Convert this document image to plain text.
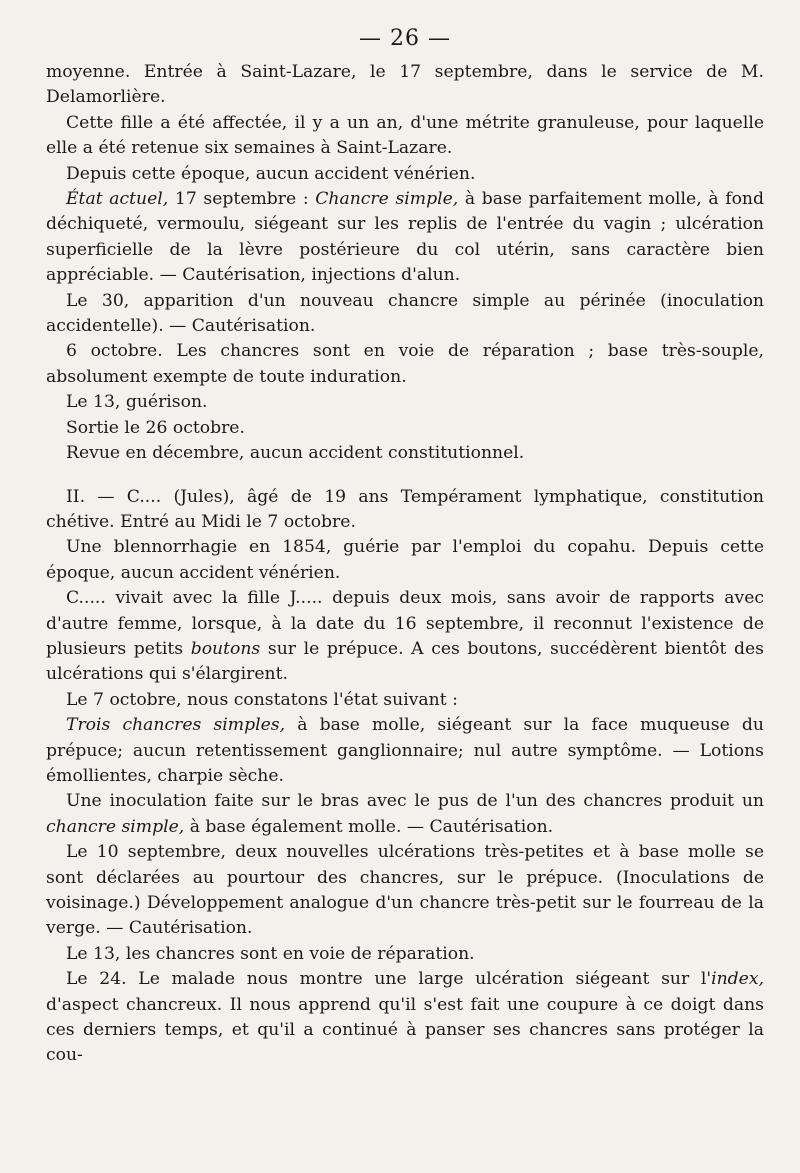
— 26 —

moyenne. Entrée à Saint-Lazare, le 17 septembre, dans le service de M. Delamorlière.

Cette fille a été affectée, il y a un an, d'une métrite granuleuse, pour laquelle elle a été retenue six semaines à Saint-Lazare.

Depuis cette époque, aucun accident vénérien.

État actuel, 17 septembre : Chancre simple, à base parfaitement molle, à fond déchiqueté, vermoulu, siégeant sur les replis de l'entrée du vagin ; ulcération superficielle de la lèvre postérieure du col utérin, sans caractère bien appréciable. — Cautérisation, injections d'alun.

Le 30, apparition d'un nouveau chancre simple au périnée (inoculation accidentelle). — Cautérisation.

6 octobre. Les chancres sont en voie de réparation ; base très-souple, absolument exempte de toute induration.

Le 13, guérison.

Sortie le 26 octobre.

Revue en décembre, aucun accident constitutionnel.

II. — C.... (Jules), âgé de 19 ans Tempérament lymphatique, constitution chétive. Entré au Midi le 7 octobre.

Une blennorrhagie en 1854, guérie par l'emploi du copahu. Depuis cette époque, aucun accident vénérien.

C..... vivait avec la fille J..... depuis deux mois, sans avoir de rapports avec d'autre femme, lorsque, à la date du 16 septembre, il reconnut l'existence de plusieurs petits boutons sur le prépuce. A ces boutons, succédèrent bientôt des ulcérations qui s'élargirent.

Le 7 octobre, nous constatons l'état suivant :

Trois chancres simples, à base molle, siégeant sur la face muqueuse du prépuce; aucun retentissement ganglionnaire; nul autre symptôme. — Lotions émollientes, charpie sèche.

Une inoculation faite sur le bras avec le pus de l'un des chancres produit un chancre simple, à base également molle. — Cautérisation.

Le 10 septembre, deux nouvelles ulcérations très-petites et à base molle se sont déclarées au pourtour des chancres, sur le prépuce. (Inoculations de voisinage.) Développement analogue d'un chancre très-petit sur le fourreau de la verge. — Cautérisation.

Le 13, les chancres sont en voie de réparation.

Le 24. Le malade nous montre une large ulcération siégeant sur l'index, d'aspect chancreux. Il nous apprend qu'il s'est fait une coupure à ce doigt dans ces derniers temps, et qu'il a continué à panser ses chancres sans protéger la cou-
